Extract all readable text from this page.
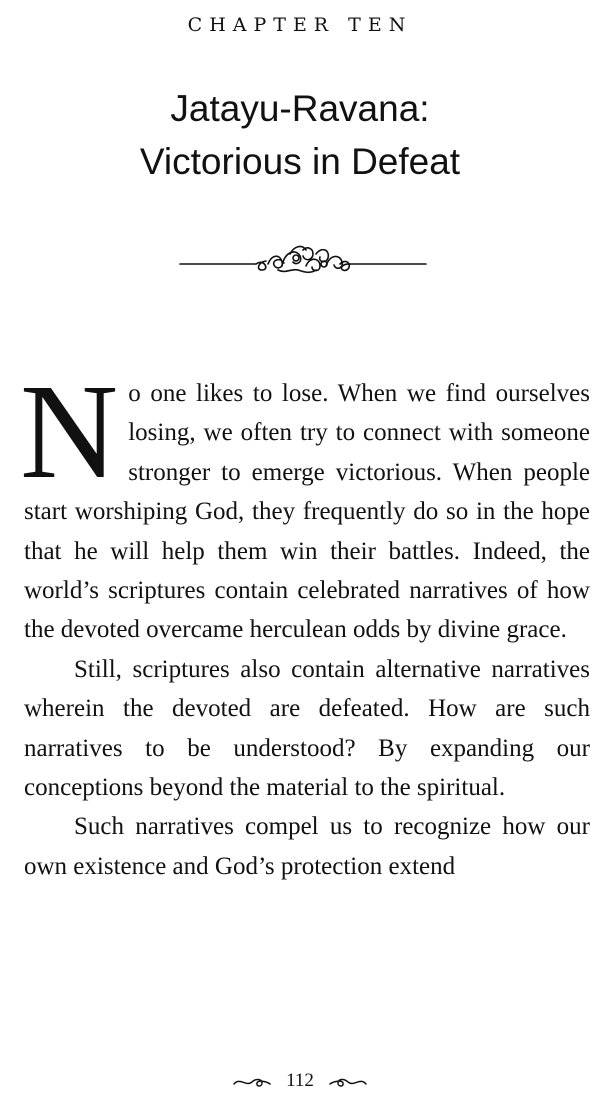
CHAPTER TEN
Jatayu-Ravana:
Victorious in Defeat

No one likes to lose. When we find ourselves losing, we often try to connect with someone stronger to emerge victorious. When people start worshiping God, they frequently do so in the hope that he will help them win their battles. Indeed, the world’s scriptures contain celebrated narratives of how the devoted overcame herculean odds by divine grace.

Still, scriptures also contain alternative narratives wherein the devoted are defeated. How are such narratives to be understood? By expanding our conceptions beyond the material to the spiritual.

Such narratives compel us to recognize how our own existence and God’s protection extend

112
